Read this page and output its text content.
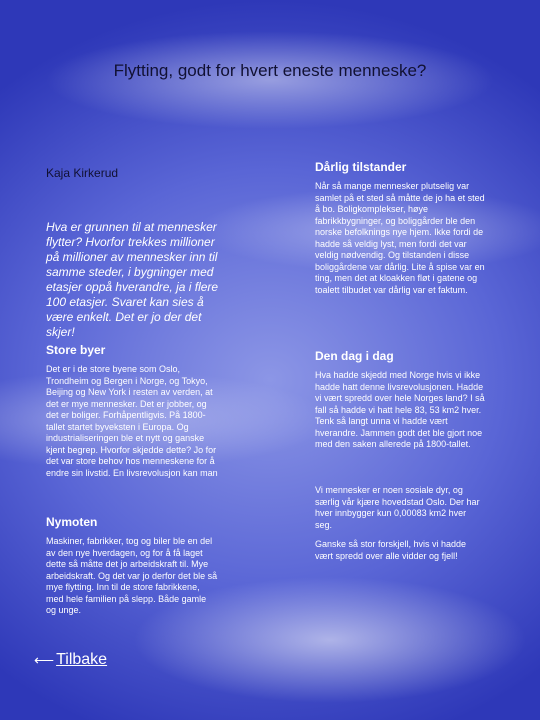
Flytting, godt for hvert eneste menneske?
Kaja Kirkerud
Hva er grunnen til at mennesker flytter? Hvorfor trekkes millioner på millioner av mennesker inn til samme steder, i bygninger med etasjer oppå hverandre, ja i flere 100 etasjer. Svaret kan sies å være enkelt. Det er jo der det skjer!
Store byer
Det er i de store byene som Oslo, Trondheim og Bergen i Norge, og Tokyo, Beijing og New York i resten av verden, at det er mye mennesker. Det er jobber, og det er boliger. Forhåpentligvis. På 1800-tallet startet byveksten i Europa. Og industrialiseringen ble et nytt og ganske kjent begrep. Hvorfor skjedde dette? Jo for det var store behov hos menneskene for å endre sin livstid. En livsrevolusjon kan man
Nymoten
Maskiner, fabrikker, tog og biler ble en del av den nye hverdagen, og for å få laget dette så måtte det jo arbeidskraft til. Mye arbeidskraft. Og det var jo derfor det ble så mye flytting. Inn til de store fabrikkene, med hele familien på slepp. Både gamle og unge.
Dårlig tilstander
Når så mange mennesker plutselig var samlet på et sted så måtte de jo ha et sted å bo. Boligkomplekser, høye fabrikkbygninger, og boliggårder ble den norske befolknings nye hjem. Ikke fordi de hadde så veldig lyst, men fordi det var veldig nødvendig. Og tilstanden i disse boliggårdene var dårlig. Lite å spise var en ting, men det at kloakken fløt i gatene og toalett tilbudet var dårlig var et faktum.
Den dag i dag
Hva hadde skjedd med Norge hvis vi ikke hadde hatt denne livsrevolusjonen. Hadde vi vært spredd over hele Norges land? I så fall så hadde vi hatt hele 83, 53 km2 hver. Tenk så langt unna vi hadde vært hverandre. Jammen godt det ble gjort noe med den saken allerede på 1800-tallet.
Vi mennesker er noen sosiale dyr, og særlig vår kjære hovedstad Oslo. Der har hver innbygger kun 0,00083 km2 hver seg.
Ganske så stor forskjell, hvis vi hadde vært spredd over alle vidder og fjell!
⟵ Tilbake
